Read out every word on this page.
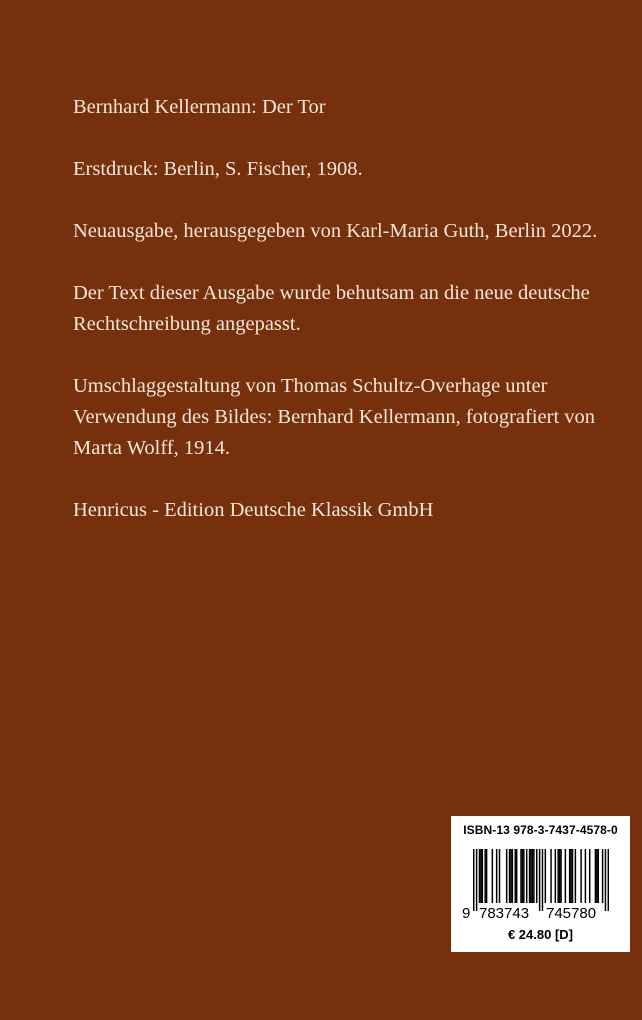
Bernhard Kellermann: Der Tor

Erstdruck: Berlin, S. Fischer, 1908.

Neuausgabe, herausgegeben von Karl-Maria Guth, Berlin 2022.

Der Text dieser Ausgabe wurde behutsam an die neue deutsche
Rechtschreibung angepasst.

Umschlaggestaltung von Thomas Schultz-Overhage unter
Verwendung des Bildes: Bernhard Kellermann, fotografiert von
Marta Wolff, 1914.

Henricus - Edition Deutsche Klassik GmbH

ISBN-13 978-3-7437-4578-0
9 783743 745780
€ 24.80 [D]
